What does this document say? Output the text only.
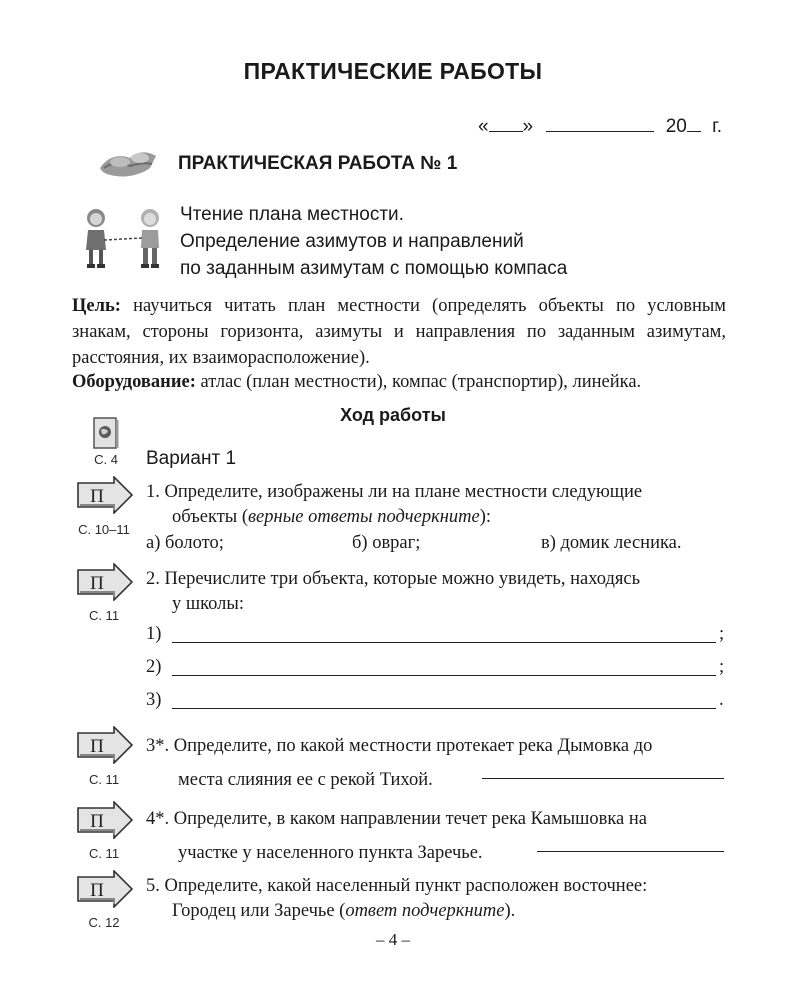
ПРАКТИЧЕСКИЕ РАБОТЫ
« »	20 г.
ПРАКТИЧЕСКАЯ РАБОТА № 1
Чтение плана местности.
Определение азимутов и направлений
по заданным азимутам с помощью компаса
Цель: научиться читать план местности (определять объекты по условным знакам, стороны горизонта, азимуты и направления по заданным азимутам, расстояния, их взаиморасположение).
Оборудование: атлас (план местности), компас (транспортир), линейка.
Ход работы
С. 4	Вариант 1
П
С. 10–11
1. Определите, изображены ли на плане местности следующие
объекты (верные ответы подчеркните):
а) болото;	б) овраг;	в) домик лесника.
П
С. 11
2. Перечислите три объекта, которые можно увидеть, находясь
у школы:
1)	;
2)	;
3)	.
П
С. 11
3*. Определите, по какой местности протекает река Дымовка до
места слияния ее с рекой Тихой.
П
С. 11
4*. Определите, в каком направлении течет река Камышовка на
участке у населенного пункта Заречье.
П
С. 12
5. Определите, какой населенный пункт расположен восточнее:
Городец или Заречье (ответ подчеркните).
– 4 –
